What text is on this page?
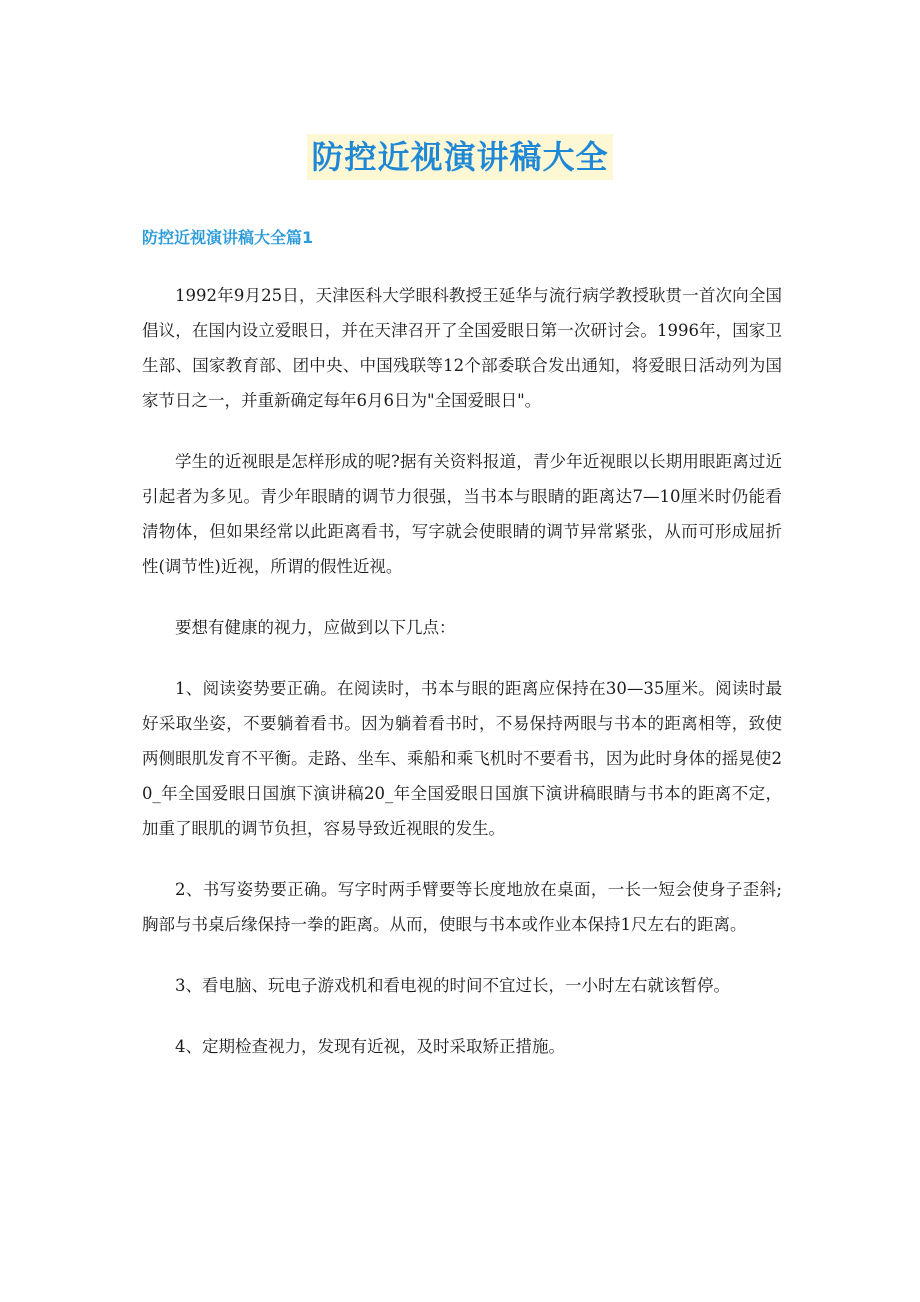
防控近视演讲稿大全
防控近视演讲稿大全篇1

1992年9月25日，天津医科大学眼科教授王延华与流行病学教授耿贯一首次向全国倡议，在国内设立爱眼日，并在天津召开了全国爱眼日第一次研讨会。1996年，国家卫生部、国家教育部、团中央、中国残联等12个部委联合发出通知，将爱眼日活动列为国家节日之一，并重新确定每年6月6日为"全国爱眼日"。

学生的近视眼是怎样形成的呢?据有关资料报道，青少年近视眼以长期用眼距离过近引起者为多见。青少年眼睛的调节力很强，当书本与眼睛的距离达7—10厘米时仍能看清物体，但如果经常以此距离看书，写字就会使眼睛的调节异常紧张，从而可形成屈折性(调节性)近视，所谓的假性近视。

要想有健康的视力，应做到以下几点：

1、阅读姿势要正确。在阅读时，书本与眼的距离应保持在30—35厘米。阅读时最好采取坐姿，不要躺着看书。因为躺着看书时，不易保持两眼与书本的距离相等，致使两侧眼肌发育不平衡。走路、坐车、乘船和乘飞机时不要看书，因为此时身体的摇晃使20_年全国爱眼日国旗下演讲稿20_年全国爱眼日国旗下演讲稿眼睛与书本的距离不定，加重了眼肌的调节负担，容易导致近视眼的发生。

2、书写姿势要正确。写字时两手臂要等长度地放在桌面，一长一短会使身子歪斜;胸部与书桌后缘保持一拳的距离。从而，使眼与书本或作业本保持1尺左右的距离。

3、看电脑、玩电子游戏机和看电视的时间不宜过长，一小时左右就该暂停。

4、定期检查视力，发现有近视，及时采取矫正措施。
